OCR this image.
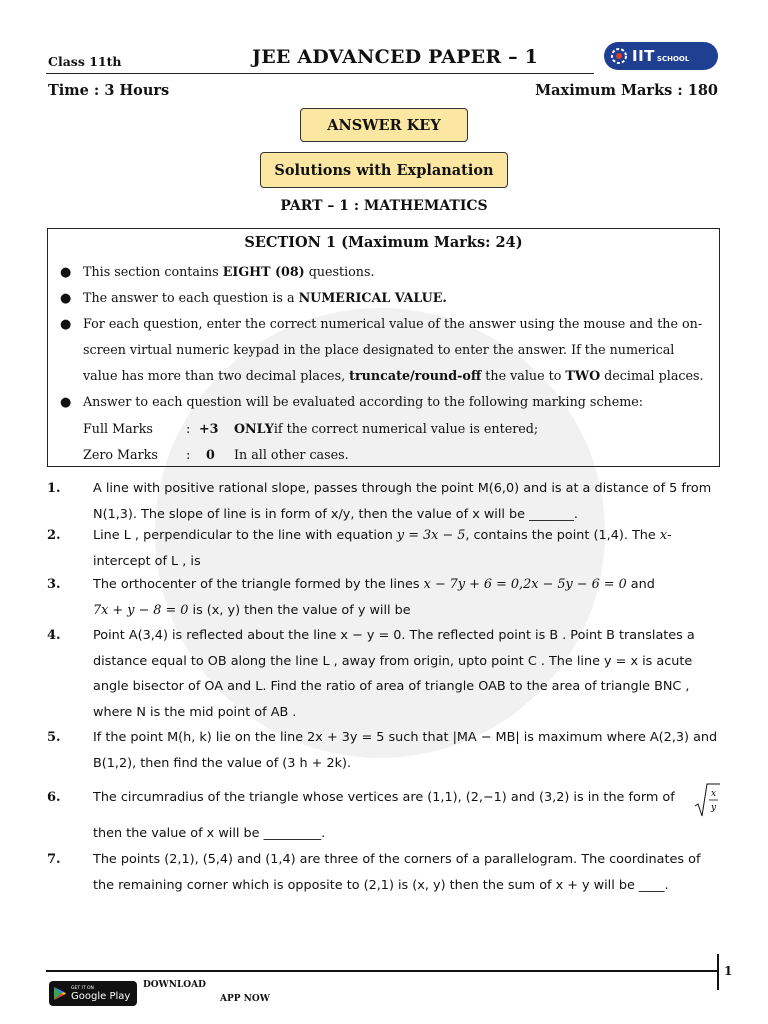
Class 11th	JEE ADVANCED PAPER – 1	IIT SCHOOL
Time : 3 Hours	Maximum Marks : 180
ANSWER KEY
Solutions with Explanation
PART – 1 : MATHEMATICS
SECTION 1 (Maximum Marks: 24)
● This section contains EIGHT (08) questions.
● The answer to each question is a NUMERICAL VALUE.
● For each question, enter the correct numerical value of the answer using the mouse and the on-screen virtual numeric keypad in the place designated to enter the answer. If the numerical value has more than two decimal places, truncate/round-off the value to TWO decimal places.
● Answer to each question will be evaluated according to the following marking scheme:
Full Marks	: +3 ONLY if the correct numerical value is entered;
Zero Marks : 0 In all other cases.
1.	A line with positive rational slope, passes through the point M(6,0) and is at a distance of 5 from N(1,3). The slope of line is in form of x/y, then the value of x will be _______.
2.	Line L , perpendicular to the line with equation y = 3x − 5, contains the point (1,4). The x-intercept of L , is
3.	The orthocenter of the triangle formed by the lines x − 7y + 6 = 0,2x − 5y − 6 = 0 and
7x + y − 8 = 0 is (x, y) then the value of y will be
4.	Point A(3,4) is reflected about the line x − y = 0. The reflected point is B . Point B translates a distance equal to OB along the line L , away from origin, upto point C . The line y = x is acute angle bisector of OA and L. Find the ratio of area of triangle OAB to the area of triangle BNC , where N is the mid point of AB .
5.	If the point M(h, k) lie on the line 2x + 3y = 5 such that |MA − MB| is maximum where A(2,3) and B(1,2), then find the value of (3 h + 2k).
6.	The circumradius of the triangle whose vertices are (1,1), (2,−1) and (3,2) is in the form of	x
y
then the value of x will be _________.
7.	The points (2,1), (5,4) and (1,4) are three of the corners of a parallelogram. The coordinates of the remaining corner which is opposite to (2,1) is (x, y) then the sum of x + y will be ____.
1
GET IT ON
Google Play
DOWNLOAD
APP NOW
